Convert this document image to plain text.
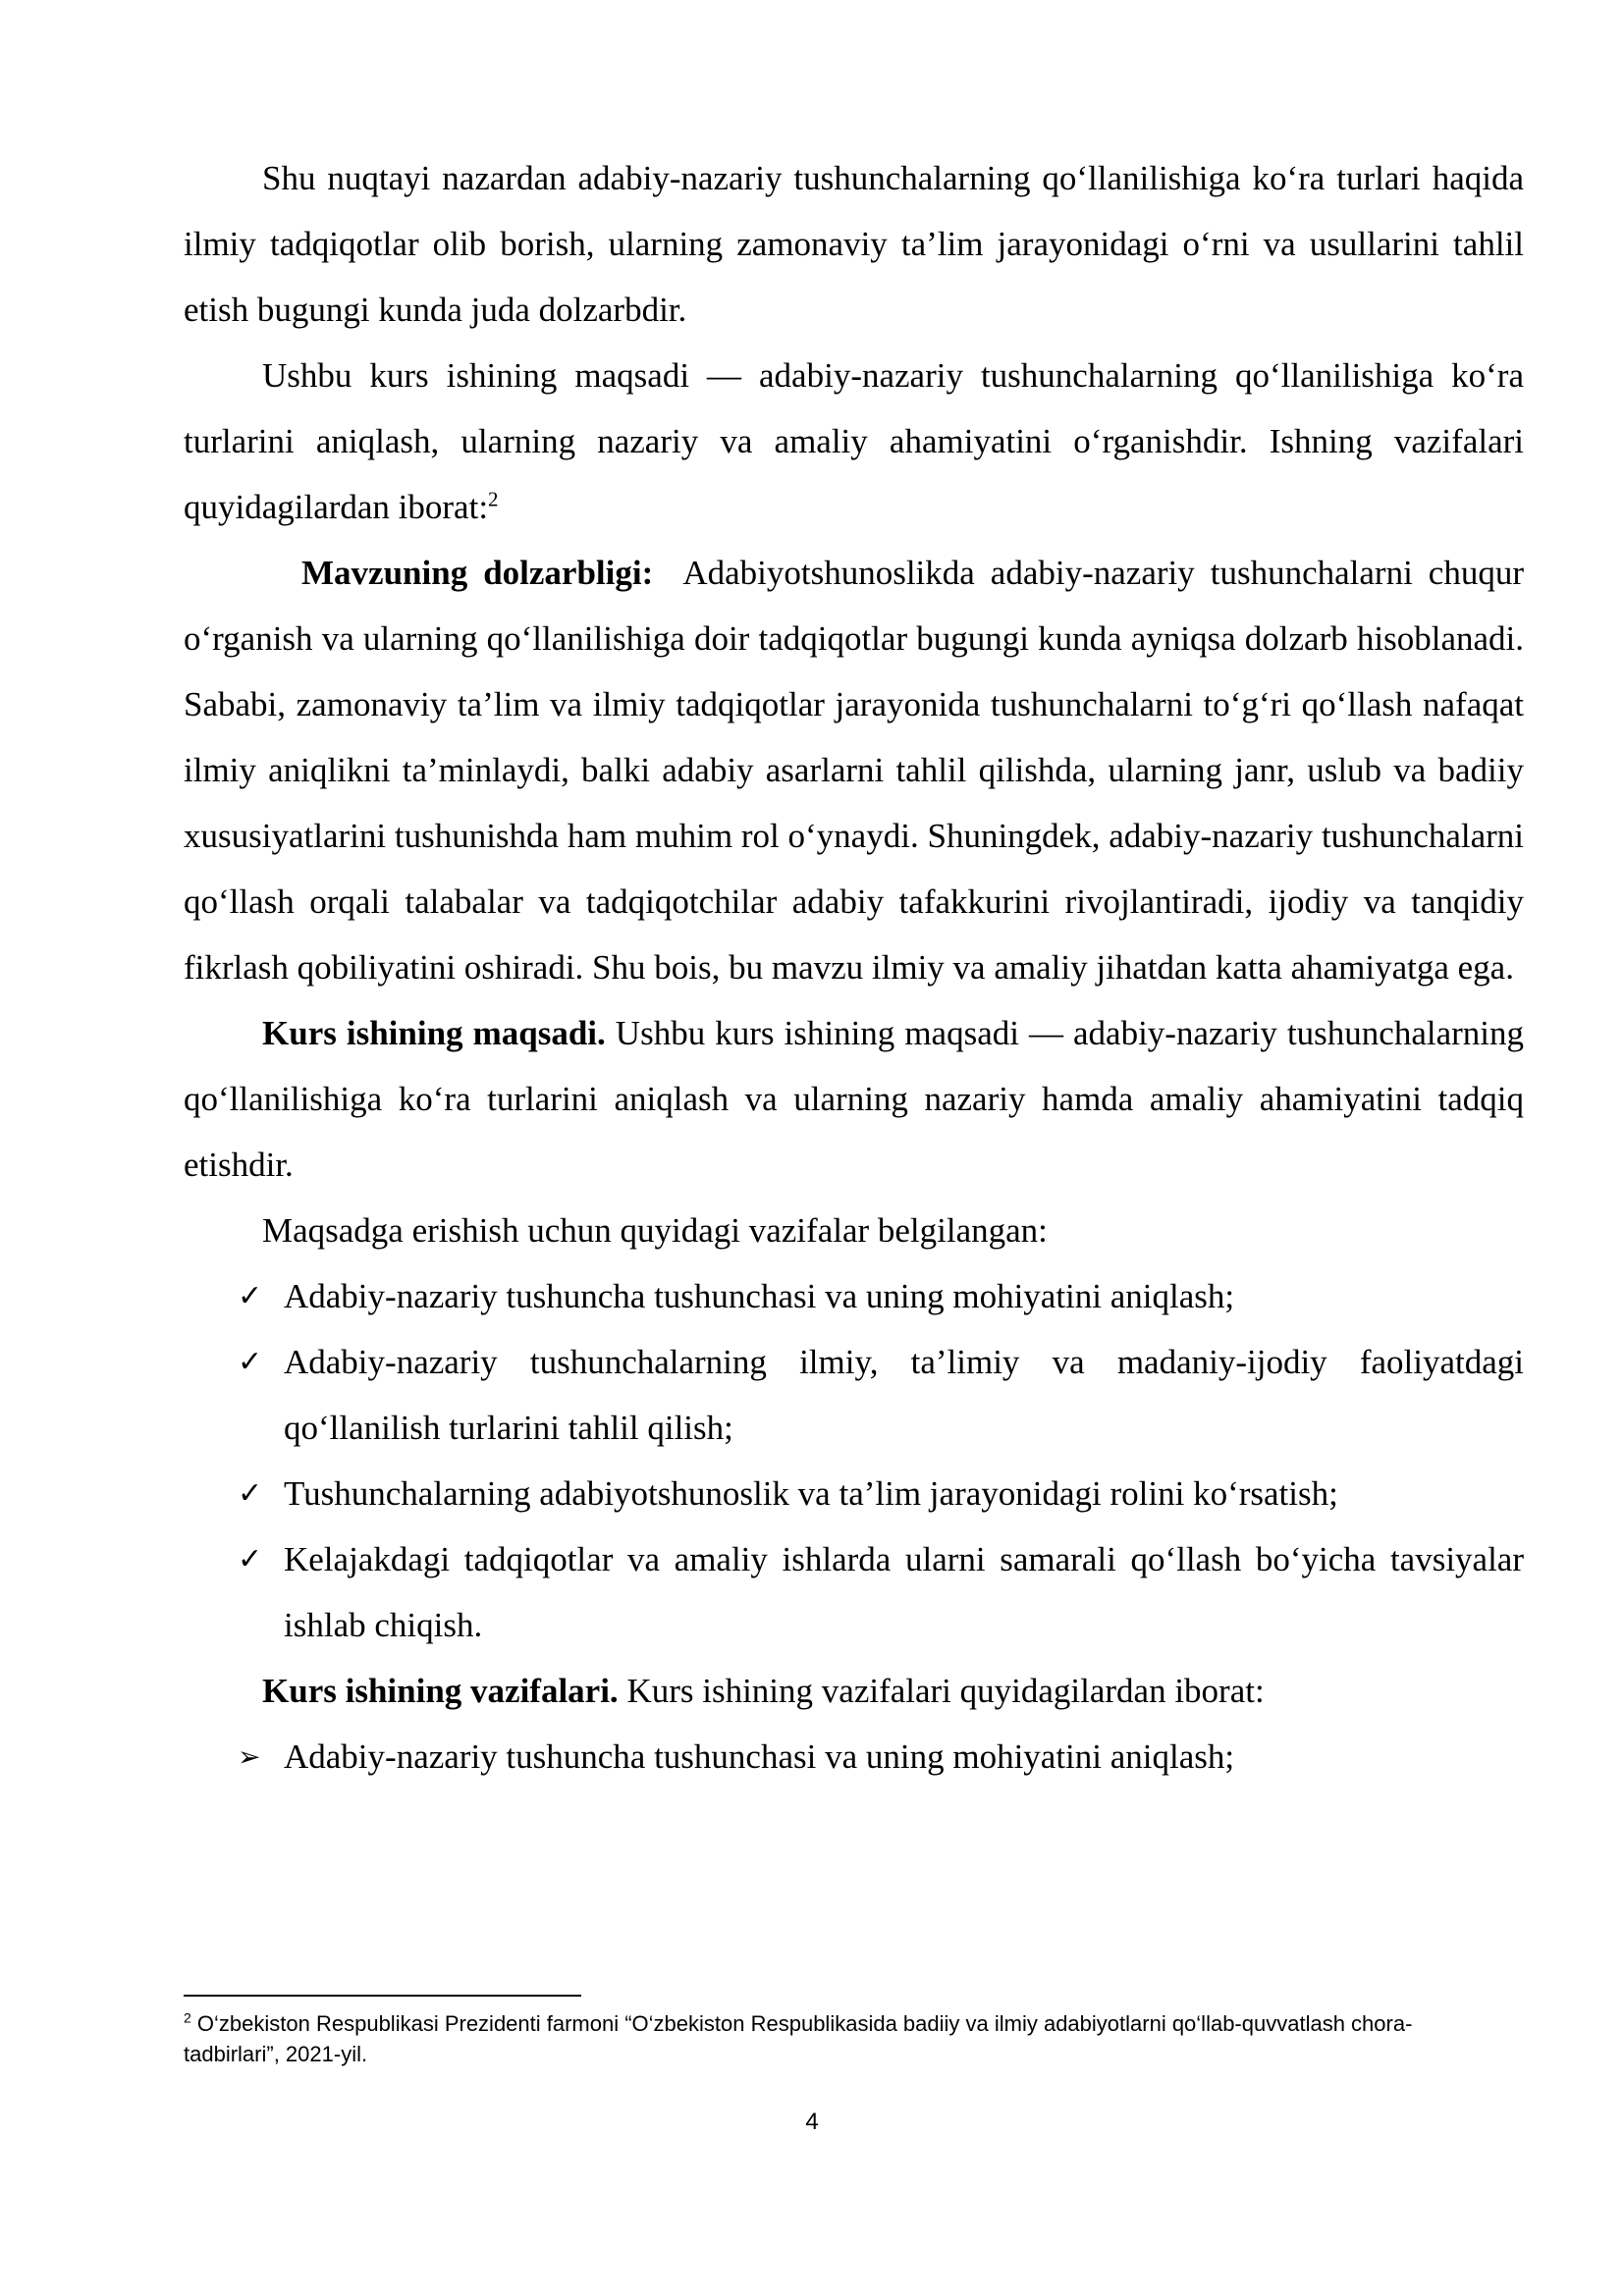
Shu nuqtayi nazardan adabiy-nazariy tushunchalarning qo‘llanilishiga ko‘ra turlari haqida ilmiy tadqiqotlar olib borish, ularning zamonaviy ta’lim jarayonidagi o‘rni va usullarini tahlil etish bugungi kunda juda dolzarbdir.

Ushbu kurs ishining maqsadi — adabiy-nazariy tushunchalarning qo‘llanilishiga ko‘ra turlarini aniqlash, ularning nazariy va amaliy ahamiyatini o‘rganishdir. Ishning vazifalari quyidagilardan iborat:$^2$

Mavzuning dolzarbligi: Adabiyotshunoslikda adabiy-nazariy tushunchalarni chuqur o‘rganish va ularning qo‘llanilishiga doir tadqiqotlar bugungi kunda ayniqsa dolzarb hisoblanadi. Sababi, zamonaviy ta’lim va ilmiy tadqiqotlar jarayonida tushunchalarni to‘g‘ri qo‘llash nafaqat ilmiy aniqlikni ta’minlaydi, balki adabiy asarlarni tahlil qilishda, ularning janr, uslub va badiiy xususiyatlarini tushunishda ham muhim rol o‘ynaydi. Shuningdek, adabiy-nazariy tushunchalarni qo‘llash orqali talabalar va tadqiqotchilar adabiy tafakkurini rivojlantiradi, ijodiy va tanqidiy fikrlash qobiliyatini oshiradi. Shu bois, bu mavzu ilmiy va amaliy jihatdan katta ahamiyatga ega.

Kurs ishining maqsadi. Ushbu kurs ishining maqsadi — adabiy-nazariy tushunchalarning qo‘llanilishiga ko‘ra turlarini aniqlash va ularning nazariy hamda amaliy ahamiyatini tadqiq etishdir.

Maqsadga erishish uchun quyidagi vazifalar belgilangan:

✓ Adabiy-nazariy tushuncha tushunchasi va uning mohiyatini aniqlash;

✓ Adabiy-nazariy tushunchalarning ilmiy, ta’limiy va madaniy-ijodiy faoliyatdagi qo‘llanilish turlarini tahlil qilish;

✓ Tushunchalarning adabiyotshunoslik va ta’lim jarayonidagi rolini ko‘rsatish;

✓ Kelajakdagi tadqiqotlar va amaliy ishlarda ularni samarali qo‘llash bo‘yicha tavsiyalar ishlab chiqish.

Kurs ishining vazifalari. Kurs ishining vazifalari quyidagilardan iborat:

➢ Adabiy-nazariy tushuncha tushunchasi va uning mohiyatini aniqlash;

$^2$ O‘zbekiston Respublikasi Prezidenti farmoni “O‘zbekiston Respublikasida badiiy va ilmiy adabiyotlarni qo‘llab-quvvatlash chora-tadbirlari”, 2021-yil.

4
